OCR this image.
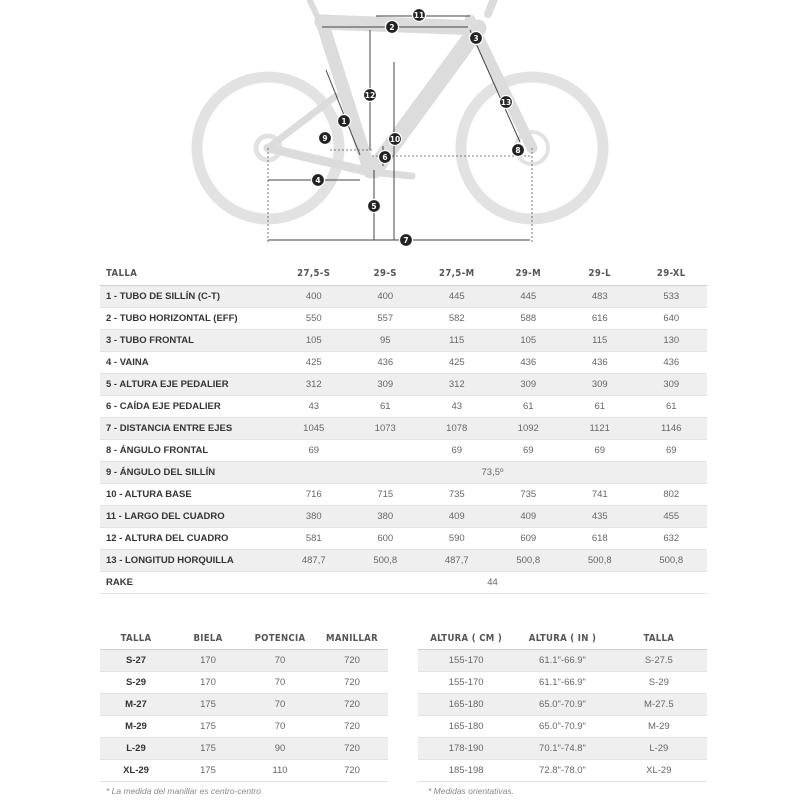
11
2
3
12
13
1
9	10
8
6
4
5
7
TALLA	27,5-S	29-S	27,5-M	29-M	29-L	29-XL
1 - TUBO DE SILLÍN (C-T)	400	400	445	445	483	533
2 - TUBO HORIZONTAL (EFF)	550	557	582	588	616	640
3 - TUBO FRONTAL	105	95	115	105	115	130
4 - VAINA	425	436	425	436	436	436
5 - ALTURA EJE PEDALIER	312	309	312	309	309	309
6 - CAÍDA EJE PEDALIER	43	61	43	61	61	61
7 - DISTANCIA ENTRE EJES	1045	1073	1078	1092	1121	1146
8 - ÁNGULO FRONTAL	69		69	69	69	69
9 - ÁNGULO DEL SILLÍN	73,5º					
10 - ALTURA BASE	716	715	735	735	741	802
11 - LARGO DEL CUADRO	380	380	409	409	435	455
12 - ALTURA DEL CUADRO	581	600	590	609	618	632
13 - LONGITUD HORQUILLA	487,7	500,8	487,7	500,8	500,8	500,8
RAKE	44					
TALLA	BIELA	POTENCIA	MANILLAR
S-27	170	70	720
S-29	170	70	720
M-27	175	70	720
M-29	175	70	720
L-29	175	90	720
XL-29	175	110	720
ALTURA ( CM )	ALTURA ( IN )	TALLA
155-170	61.1"-66.9"	S-27.5
155-170	61.1"-66.9"	S-29
165-180	65.0"-70.9"	M-27.5
165-180	65.0"-70.9"	M-29
178-190	70.1"-74.8"	L-29
185-198	72.8"-78.0"	XL-29
* La medida del manillar es centro-centro	* Medidas orientativas.
